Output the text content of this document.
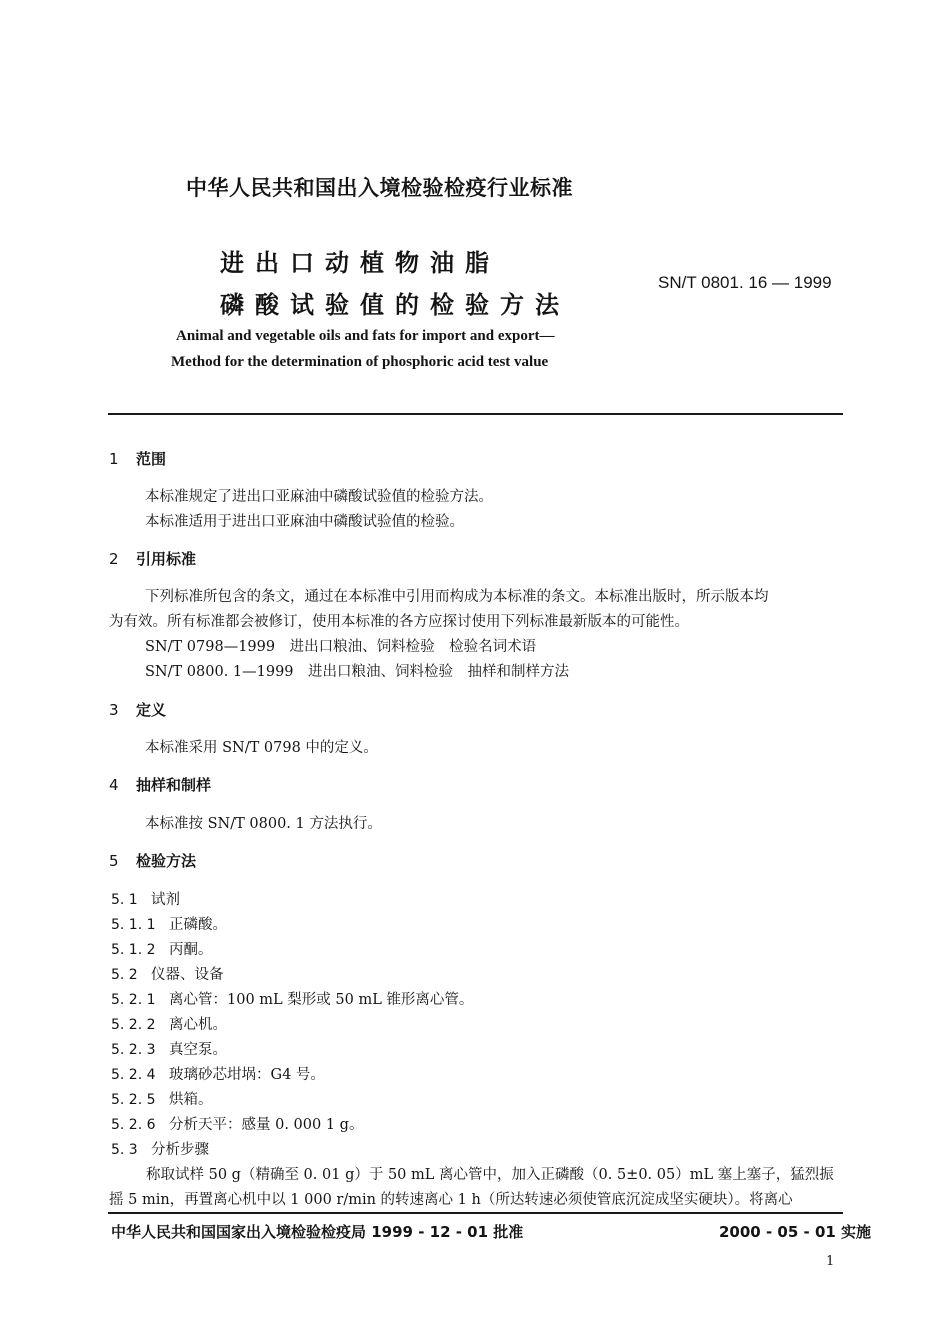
中华人民共和国出入境检验检疫行业标准
进出口动植物油脂
磷酸试验值的检验方法
SN/T 0801. 16 — 1999
Animal and vegetable oils and fats for import and export—
Method for the determination of phosphoric acid test value
1 范围
本标准规定了进出口亚麻油中磷酸试验值的检验方法。
本标准适用于进出口亚麻油中磷酸试验值的检验。
2 引用标准
下列标准所包含的条文，通过在本标准中引用而构成为本标准的条文。本标准出版时，所示版本均
为有效。所有标准都会被修订，使用本标准的各方应探讨使用下列标准最新版本的可能性。
SN/T 0798—1999　进出口粮油、饲料检验　检验名词术语
SN/T 0800. 1—1999　进出口粮油、饲料检验　抽样和制样方法
3 定义
本标准采用 SN/T 0798 中的定义。
4 抽样和制样
本标准按 SN/T 0800. 1 方法执行。
5 检验方法
5. 1 试剂
5. 1. 1 正磷酸。
5. 1. 2 丙酮。
5. 2 仪器、设备
5. 2. 1 离心管：100 mL 梨形或 50 mL 锥形离心管。
5. 2. 2 离心机。
5. 2. 3 真空泵。
5. 2. 4 玻璃砂芯坩埚：G4 号。
5. 2. 5 烘箱。
5. 2. 6 分析天平：感量 0. 000 1 g。
5. 3 分析步骤
称取试样 50 g（精确至 0. 01 g）于 50 mL 离心管中，加入正磷酸（0. 5±0. 05）mL 塞上塞子，猛烈振
摇 5 min，再置离心机中以 1 000 r/min 的转速离心 1 h（所达转速必须使管底沉淀成坚实硬块）。将离心
中华人民共和国国家出入境检验检疫局 1999 - 12 - 01 批准	2000 - 05 - 01 实施
1
